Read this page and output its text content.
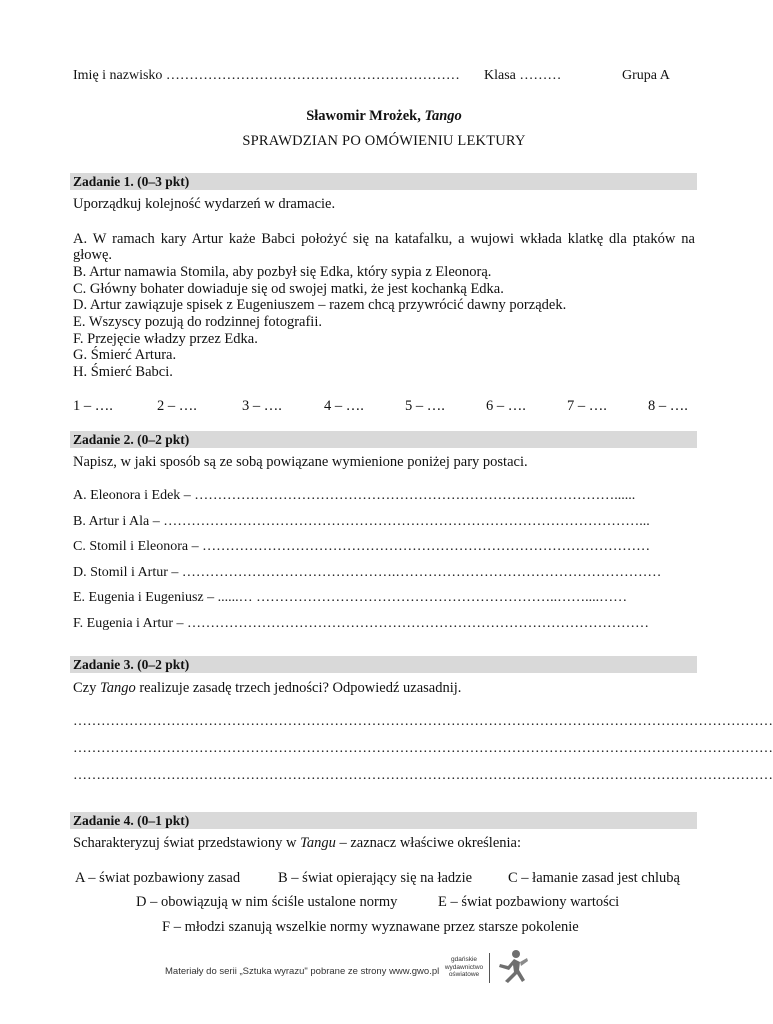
Imię i nazwisko ……………………………………………………… Klasa ………	Grupa A
Sławomir Mrożek, Tango
SPRAWDZIAN PO OMÓWIENIU LEKTURY
Zadanie 1. (0–3 pkt)
Uporządkuj kolejność wydarzeń w dramacie.
A. W ramach kary Artur każe Babci położyć się na katafalku, a wujowi wkłada klatkę dla ptaków na głowę.
B. Artur namawia Stomila, aby pozbył się Edka, który sypia z Eleonorą.
C. Główny bohater dowiaduje się od swojej matki, że jest kochanką Edka.
D. Artur zawiązuje spisek z Eugeniuszem – razem chcą przywrócić dawny porządek.
E. Wszyscy pozują do rodzinnej fotografii.
F. Przejęcie władzy przez Edka.
G. Śmierć Artura.
H. Śmierć Babci.
1 – ….	2 – ….	3 – ….	4 – ….	5 – ….	6 – ….	7 – ….	8 – ….
Zadanie 2. (0–2 pkt)
Napisz, w jaki sposób są ze sobą powiązane wymienione poniżej pary postaci.
A. Eleonora i Edek – ………………………………………………………………………………......
B. Artur i Ala – …………………………………………………………………………………………...
C. Stomil i Eleonora – ……………………………………………………………………………………
D. Stomil i Artur – ……………………………………….…………………………………………………
E. Eugenia i Eugeniusz – ......… ………………………………………………………..……....……
F. Eugenia i Artur – ………………………………………………………………………………………
Zadanie 3. (0–2 pkt)
Czy Tango realizuje zasadę trzech jedności? Odpowiedź uzasadnij.
……………………………………………………………………………………………………………………………………
……………………………………………………………………………………………………………………………………
……………………………………………………………………………………………………………………………………
Zadanie 4. (0–1 pkt)
Scharakteryzuj świat przedstawiony w Tangu – zaznacz właściwe określenia:
A – świat pozbawiony zasad	B – świat opierający się na ładzie C – łamanie zasad jest chlubą
D – obowiązują w nim ściśle ustalone normy	E – świat pozbawiony wartości
F – młodzi szanują wszelkie normy wyznawane przez starsze pokolenie
Materiały do serii „Sztuka wyrazu" pobrane ze strony www.gwo.pl
gdańskie
wydawnictwo
oświatowe
